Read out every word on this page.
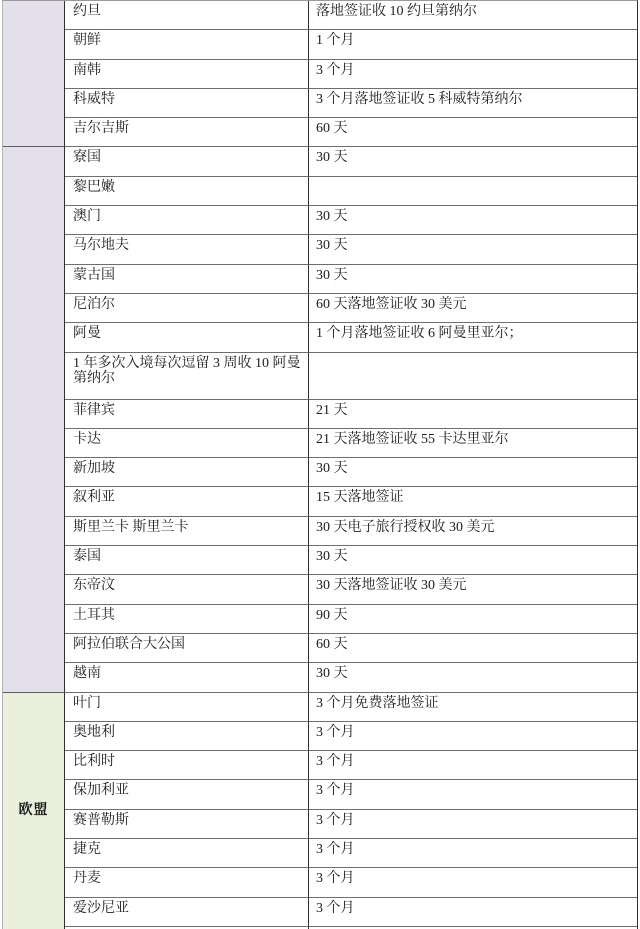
约旦	落地签证收 10 约旦第纳尔
朝鲜	1 个月
南韩	3 个月
科威特	3 个月落地签证收 5 科威特第纳尔
吉尔吉斯	60 天
寮国	30 天
黎巴嫩
澳门	30 天
马尔地夫	30 天
蒙古国	30 天
尼泊尔	60 天落地签证收 30 美元
阿曼	1 个月落地签证收 6 阿曼里亚尔；
1 年多次入境每次逗留 3 周收 10 阿曼第纳尔
菲律宾	21 天
卡达	21 天落地签证收 55 卡达里亚尔
新加坡	30 天
叙利亚	15 天落地签证
斯里兰卡 斯里兰卡	30 天电子旅行授权收 30 美元
泰国	30 天
东帝汶	30 天落地签证收 30 美元
土耳其	90 天
阿拉伯联合大公国	60 天
越南	30 天
叶门	3 个月免费落地签证
奥地利	3 个月
比利时	3 个月
保加利亚	3 个月
赛普勒斯	3 个月
捷克	3 个月
丹麦	3 个月
爱沙尼亚	3 个月
欧盟
